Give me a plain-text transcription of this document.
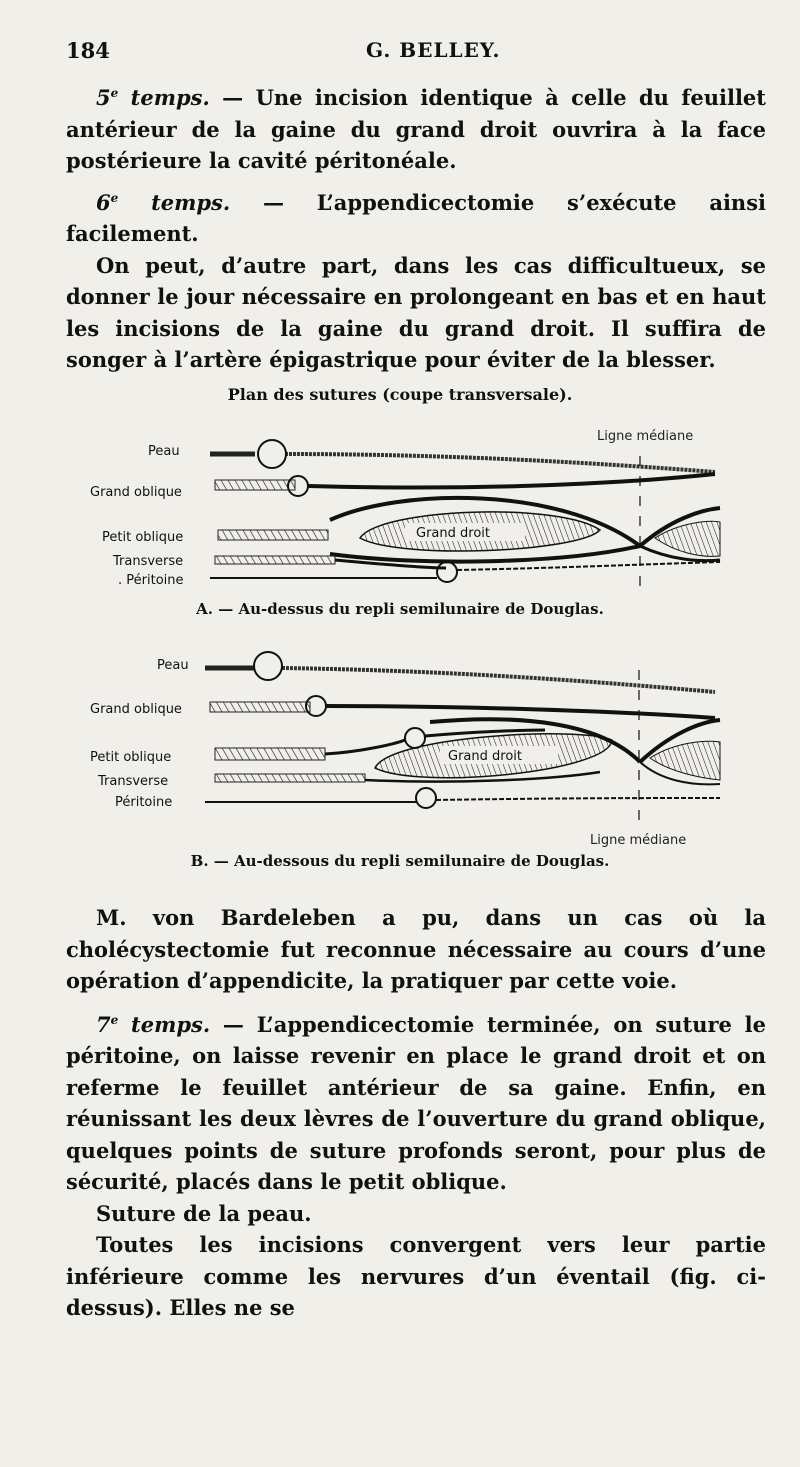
184	G. BELLEY.

5e temps. — Une incision identique à celle du feuillet antérieur de la gaine du grand droit ouvrira à la face postérieure la cavité péritonéale.

6e temps. — L’appendicectomie s’exécute ainsi facilement.

On peut, d’autre part, dans les cas difficultueux, se donner le jour nécessaire en prolongeant en bas et en haut les incisions de la gaine du grand droit. Il suffira de songer à l’artère épigastrique pour éviter de la blesser.

Plan des sutures (coupe transversale).
Peau
Grand oblique
Petit oblique
Transverse
. Péritoine
Ligne médiane
Grand droit
A. — Au-dessus du repli semilunaire de Douglas.
Peau
Grand oblique
Petit oblique
Transverse
Péritoine
Ligne médiane
Grand droit
B. — Au-dessous du repli semilunaire de Douglas.

M. von Bardeleben a pu, dans un cas où la cholécystectomie fut reconnue nécessaire au cours d’une opération d’appendicite, la pratiquer par cette voie.

7e temps. — L’appendicectomie terminée, on suture le péritoine, on laisse revenir en place le grand droit et on referme le feuillet antérieur de sa gaine. Enfin, en réunissant les deux lèvres de l’ouverture du grand oblique, quelques points de suture profonds seront, pour plus de sécurité, placés dans le petit oblique.

Suture de la peau.

Toutes les incisions convergent vers leur partie inférieure comme les nervures d’un éventail (fig. ci-dessus). Elles ne se
